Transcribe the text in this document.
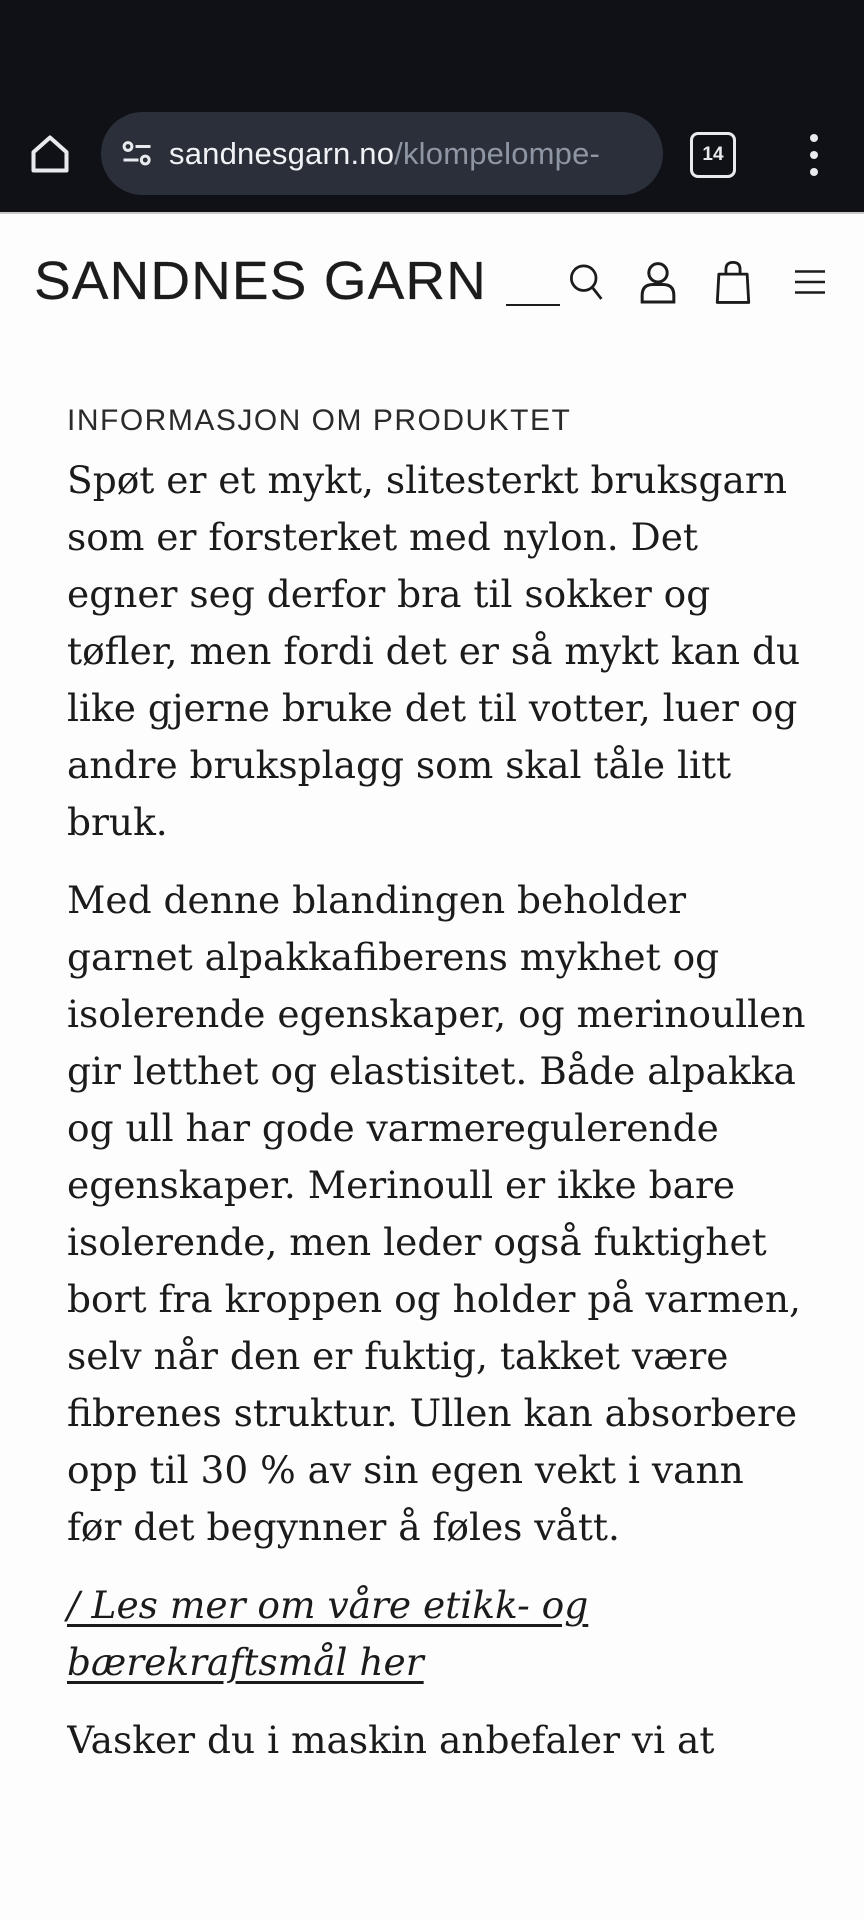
sandnesgarn.no/klompelompe-	14
SANDNES GARN
INFORMASJON OM PRODUKTET

Spøt er et mykt, slitesterkt bruksgarn som er forsterket med nylon. Det egner seg derfor bra til sokker og tøfler, men fordi det er så mykt kan du like gjerne bruke det til votter, luer og andre bruksplagg som skal tåle litt bruk.

Med denne blandingen beholder garnet alpakkafiberens mykhet og isolerende egenskaper, og merinoullen gir letthet og elastisitet. Både alpakka og ull har gode varmeregulerende egenskaper. Merinoull er ikke bare isolerende, men leder også fuktighet bort fra kroppen og holder på varmen, selv når den er fuktig, takket være fibrenes struktur. Ullen kan absorbere opp til 30 % av sin egen vekt i vann før det begynner å føles vått.

/ Les mer om våre etikk- og bærekraftsmål her

Vasker du i maskin anbefaler vi at
